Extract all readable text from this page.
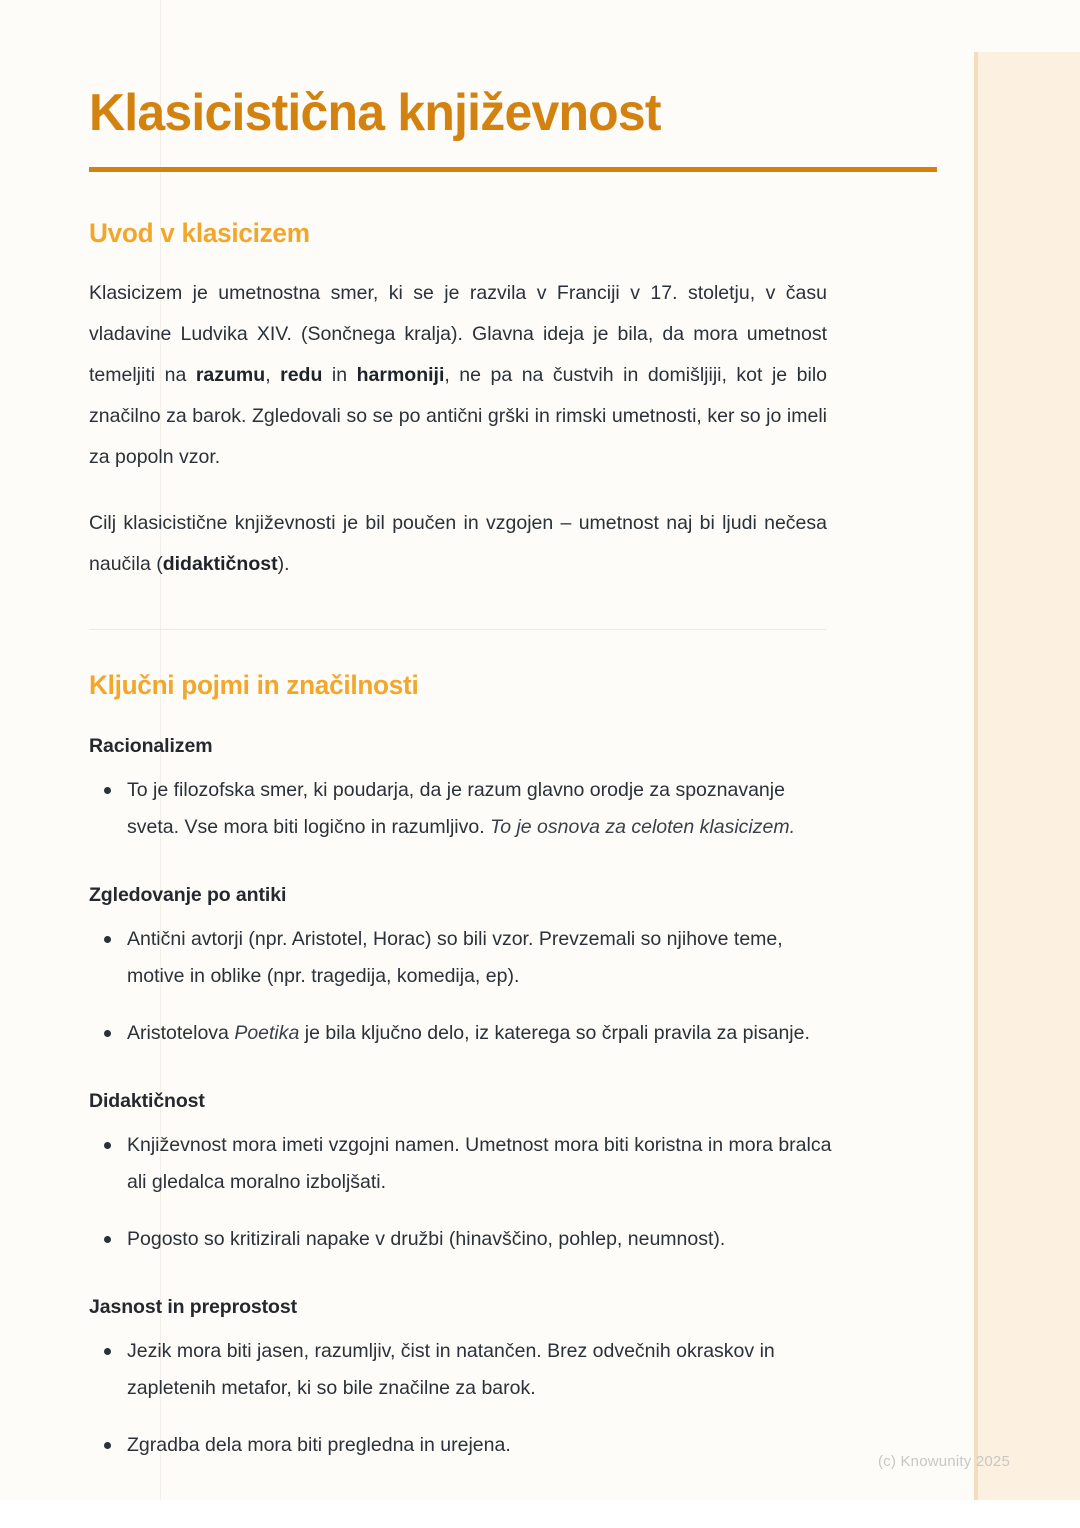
Klasicistična književnost
Uvod v klasicizem

Klasicizem je umetnostna smer, ki se je razvila v Franciji v 17. stoletju, v času vladavine Ludvika XIV. (Sončnega kralja). Glavna ideja je bila, da mora umetnost temeljiti na razumu, redu in harmoniji, ne pa na čustvih in domišljiji, kot je bilo značilno za barok. Zgledovali so se po antični grški in rimski umetnosti, ker so jo imeli za popoln vzor.

Cilj klasicistične književnosti je bil poučen in vzgojen – umetnost naj bi ljudi nečesa naučila (didaktičnost).

Ključni pojmi in značilnosti
Racionalizem
To je filozofska smer, ki poudarja, da je razum glavno orodje za spoznavanje sveta. Vse mora biti logično in razumljivo. To je osnova za celoten klasicizem.
Zgledovanje po antiki
Antični avtorji (npr. Aristotel, Horac) so bili vzor. Prevzemali so njihove teme, motive in oblike (npr. tragedija, komedija, ep).
Aristotelova Poetika je bila ključno delo, iz katerega so črpali pravila za pisanje.
Didaktičnost
Književnost mora imeti vzgojni namen. Umetnost mora biti koristna in mora bralca ali gledalca moralno izboljšati.
Pogosto so kritizirali napake v družbi (hinavščino, pohlep, neumnost).
Jasnost in preprostost
Jezik mora biti jasen, razumljiv, čist in natančen. Brez odvečnih okraskov in zapletenih metafor, ki so bile značilne za barok.
Zgradba dela mora biti pregledna in urejena.
(c) Knowunity 2025
